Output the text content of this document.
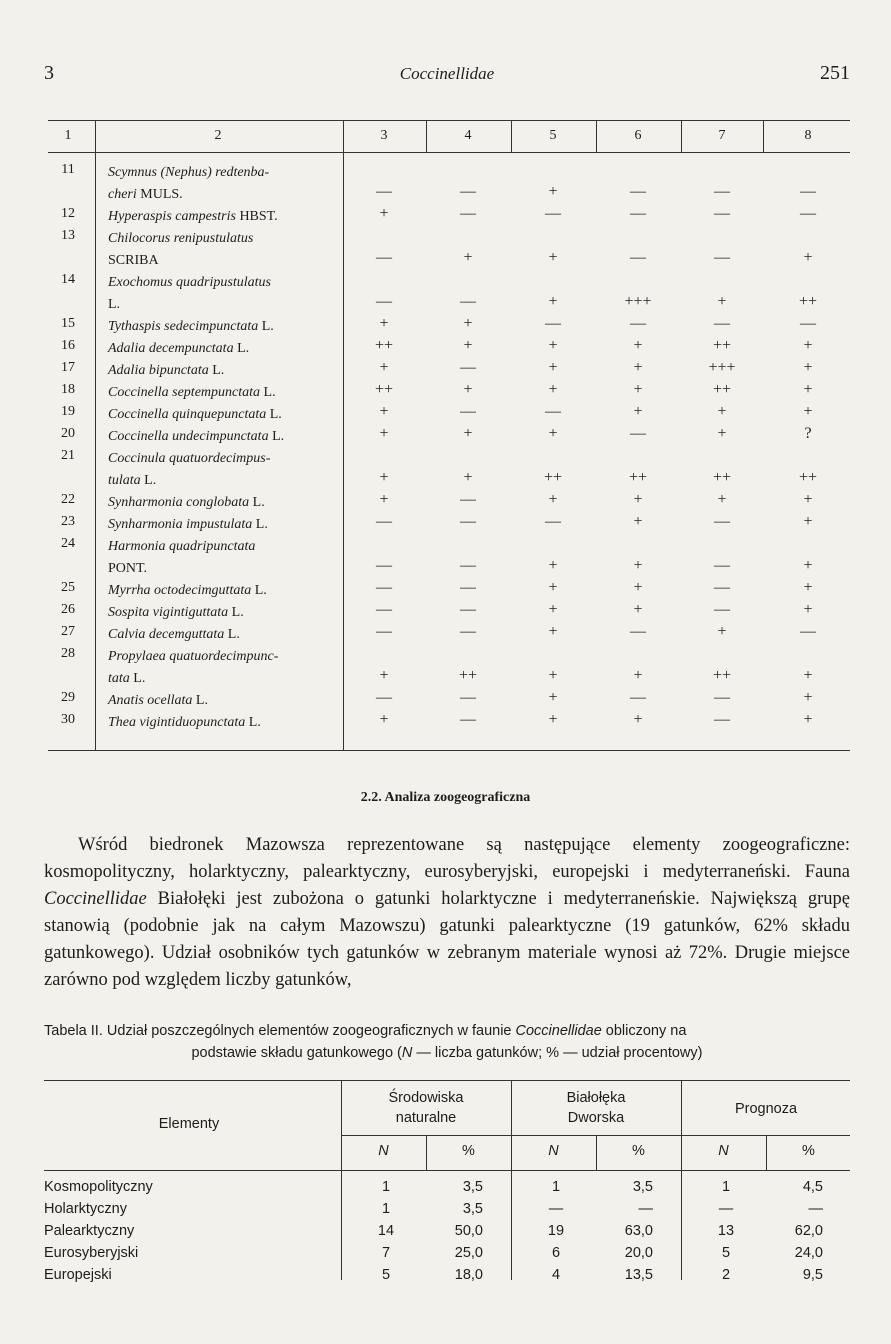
3	Coccinellidae	251
1	2	3	4	5	6	7	8
11	Scymnus (Nephus) redtenba-
cheri MULS.	—	—	+	—	—	—
12	Hyperaspis campestris HBST.	+	—	—	—	—	—
13	Chilocorus renipustulatus
SCRIBA	—	+	+	—	—	+
14	Exochomus quadripustulatus
L.	—	—	+	+++	+	++
15	Tythaspis sedecimpunctata L.	+	+	—	—	—	—
16	Adalia decempunctata L.	++	+	+	+	++	+
17	Adalia bipunctata L.	+	—	+	+	+++	+
18	Coccinella septempunctata L.	++	+	+	+	++	+
19	Coccinella quinquepunctata L.	+	—	—	+	+	+
20	Coccinella undecimpunctata L.	+	+	+	—	+	?
21	Coccinula quatuordecimpus-
tulata L.	+	+	++	++	++	++
22	Synharmonia conglobata L.	+	—	+	+	+	+
23	Synharmonia impustulata L.	—	—	—	+	—	+
24	Harmonia quadripunctata
PONT.	—	—	+	+	—	+
25	Myrrha octodecimguttata L.	—	—	+	+	—	+
26	Sospita vigintiguttata L.	—	—	+	+	—	+
27	Calvia decemguttata L.	—	—	+	—	+	—
28	Propylaea quatuordecimpunc-
tata L.	+	++	+	+	++	+
29	Anatis ocellata L.	—	—	+	—	—	+
30	Thea vigintiduopunctata L.	+	—	+	+	—	+
2.2. Analiza zoogeograficzna

Wśród biedronek Mazowsza reprezentowane są następujące elementy zoogeograficzne: kosmopolityczny, holarktyczny, palearktyczny, eurosyberyjski, europejski i medyterraneński. Fauna Coccinellidae Białołęki jest zubożona o gatunki holarktyczne i medyterraneńskie. Największą grupę stanowią (podobnie jak na całym Mazowszu) gatunki palearktyczne (19 gatunków, 62% składu gatunkowego). Udział osobników tych gatunków w zebranym materiale wynosi aż 72%. Drugie miejsce zarówno pod względem liczby gatunków,

Tabela II. Udział poszczególnych elementów zoogeograficznych w faunie Coccinellidae obliczony na
podstawie składu gatunkowego (N — liczba gatunków; % — udział procentowy)
Elementy
Środowiska
naturalne
N	%
Białołęka
Dworska
N	%
Prognoza
N	%
Kosmopolityczny	1	3,5	1	3,5	1	4,5
Holarktyczny	1	3,5	—	—	—	—
Palearktyczny	14	50,0	19	63,0	13	62,0
Eurosyberyjski	7	25,0	6	20,0	5	24,0
Europejski	5	18,0	4	13,5	2	9,5
